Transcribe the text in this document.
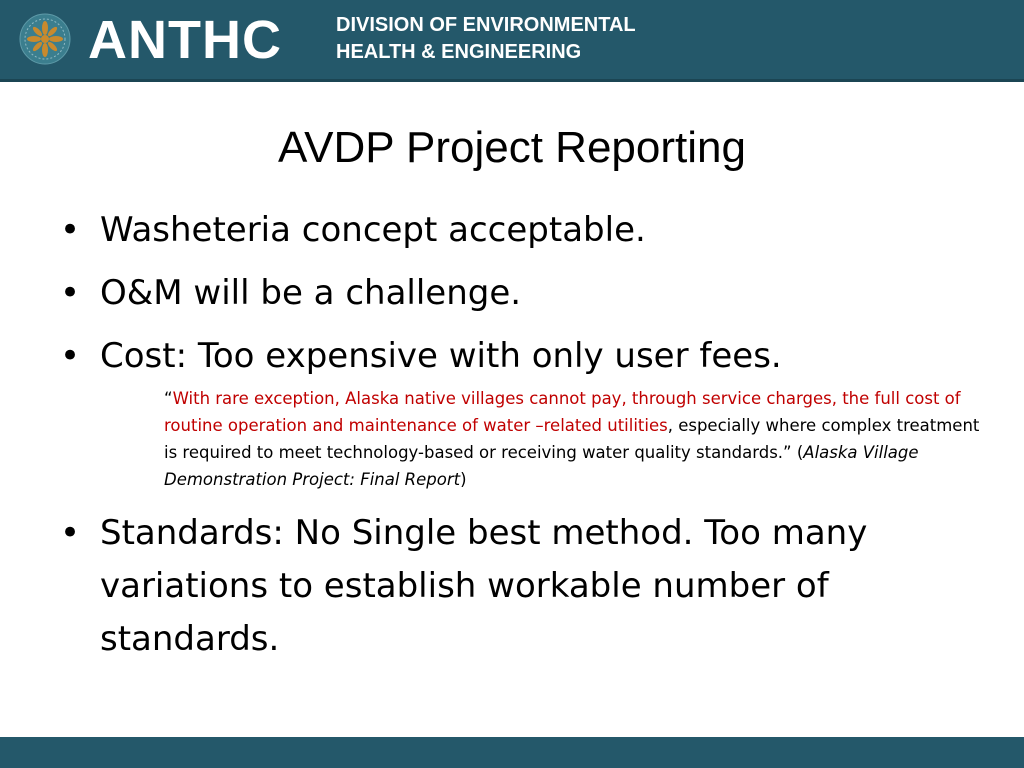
ANTHC	DIVISION OF ENVIRONMENTAL
HEALTH & ENGINEERING
AVDP Project Reporting
• Washeteria concept acceptable.
• O&M will be a challenge.
• Cost: Too expensive with only user fees.
“With rare exception, Alaska native villages cannot pay, through service charges, the full cost of routine operation and maintenance of water –related utilities, especially where complex treatment is required to meet technology-based or receiving water quality standards.” (Alaska Village Demonstration Project: Final Report)
• Standards: No Single best method. Too many variations to establish workable number of standards.
